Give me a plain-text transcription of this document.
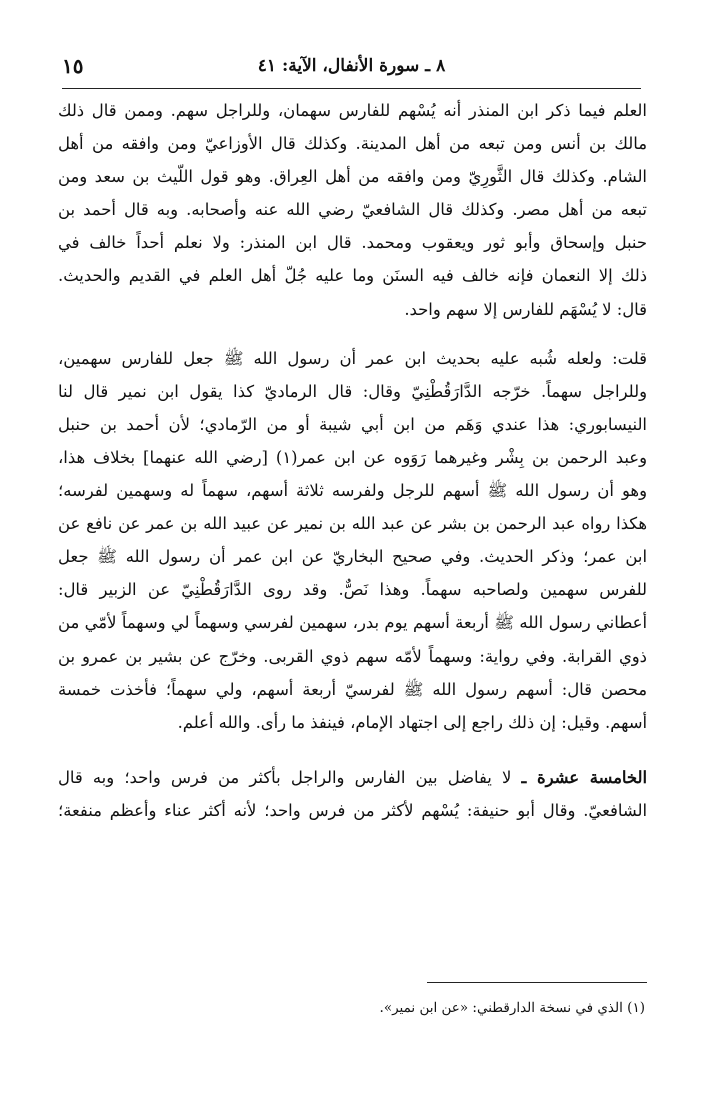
٨ ـ سورة الأنفال، الآية: ٤١
١٥
العلم فيما ذكر ابن المنذر أنه يُسْهم للفارس سهمان، وللراجل سهم. وممن قال ذلك
مالك بن أنس ومن تبعه من أهل المدينة. وكذلك قال الأوزاعيّ ومن وافقه من أهل
الشام. وكذلك قال الثَّورِيّ ومن وافقه من أهل العِراق. وهو قول اللّيث بن سعد ومن
تبعه من أهل مصر. وكذلك قال الشافعيّ رضي الله عنه وأصحابه. وبه قال أحمد بن
حنبل وإسحاق وأبو ثور ويعقوب ومحمد. قال ابن المنذر: ولا نعلم أحداً خالف في
ذلك إلا النعمان فإنه خالف فيه السنَن وما عليه جُلّ أهل العلم في القديم والحديث.
قال: لا يُسْهَم للفارس إلا سهم واحد.
قلت: ولعله شُبه عليه بحديث ابن عمر أن رسول الله ﷺ جعل للفارس سهمين،
وللراجل سهماً. خرّجه الدَّارَقُطْنِيّ وقال: قال الرماديّ كذا يقول ابن نمير قال لنا
النيسابوري: هذا عندي وَهَم من ابن أبي شيبة أو من الرّمادي؛ لأن أحمد بن حنبل
وعبد الرحمن بن بِشْر وغيرهما رَوَوه عن ابن عمر(١) [رضي الله عنهما] بخلاف هذا،
وهو أن رسول الله ﷺ أسهم للرجل ولفرسه ثلاثة أسهم، سهماً له وسهمين لفرسه؛
هكذا رواه عبد الرحمن بن بشر عن عبد الله بن نمير عن عبيد الله بن عمر عن نافع عن
ابن عمر؛ وذكر الحديث. وفي صحيح البخاريّ عن ابن عمر أن رسول الله ﷺ جعل
للفرس سهمين ولصاحبه سهماً. وهذا نَصٌّ. وقد روى الدَّارَقُطْنِيّ عن الزبير قال:
أعطاني رسول الله ﷺ أربعة أسهم يوم بدر، سهمين لفرسي وسهماً لي وسهماً لأمّي من
ذوي القرابة. وفي رواية: وسهماً لأمّه سهم ذوي القربى. وخرّج عن بشير بن عمرو بن
محصن قال: أسهم رسول الله ﷺ لفرسيّ أربعة أسهم، ولي سهماً؛ فأخذت خمسة
أسهم. وقيل: إن ذلك راجع إلى اجتهاد الإمام، فينفذ ما رأى. والله أعلم.
الخامسة عشرة ـ لا يفاضل بين الفارس والراجل بأكثر من فرس واحد؛ وبه قال
الشافعيّ. وقال أبو حنيفة: يُسْهم لأكثر من فرس واحد؛ لأنه أكثر عناء وأعظم منفعة؛
(١) الذي في نسخة الدارقطني: «عن ابن نمير».
